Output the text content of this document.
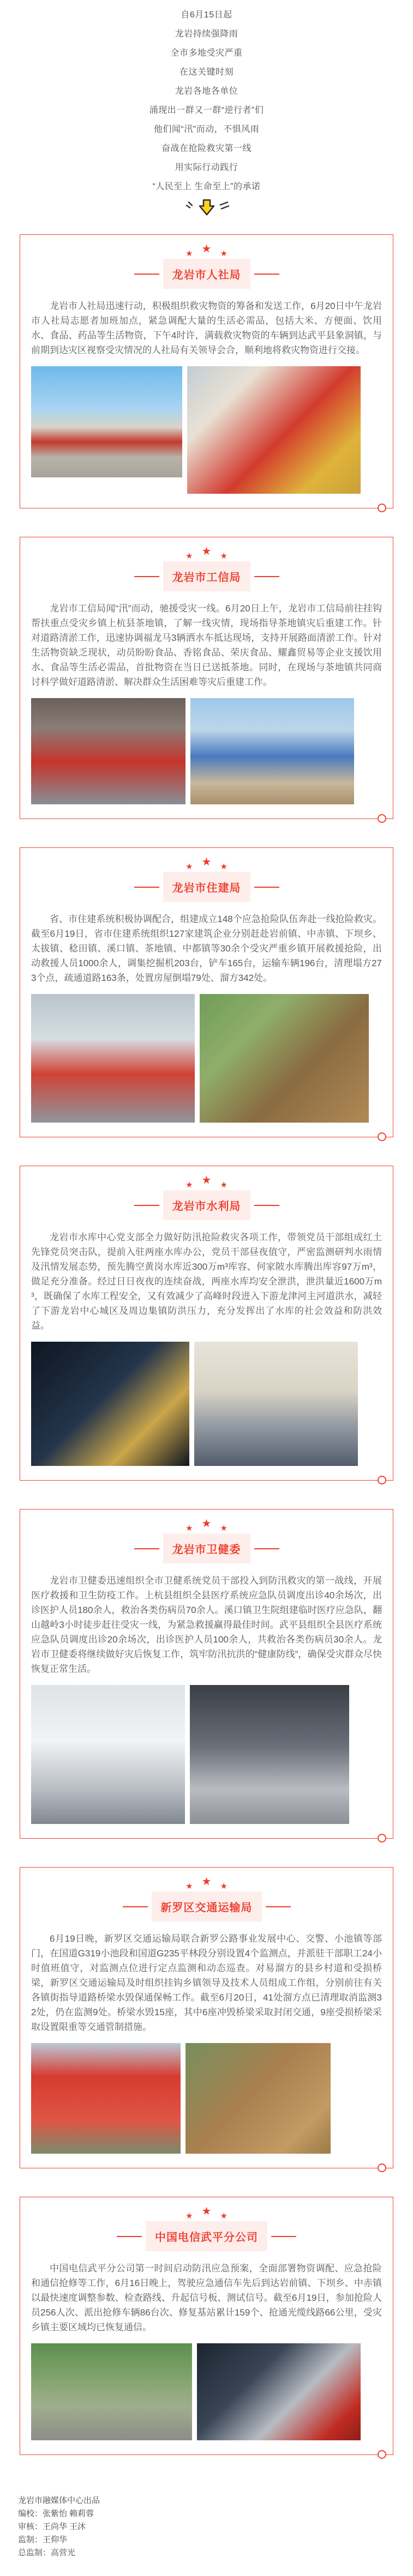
自6月15日起

龙岩持续强降雨

全市多地受灾严重

在这关键时刻

龙岩各地各单位

涌现出一群又一群“逆行者”们

他们闻“汛”而动，不惧风雨

奋战在抢险救灾第一线

用实际行动践行

“人民至上 生命至上”的承诺

★ ★ ★
龙岩市人社局

龙岩市人社局迅速行动，积极组织救灾物资的筹备和发送工作，6月20日中午龙岩市人社局志愿者加班加点，紧急调配大量的生活必需品，包括大米、方便面、饮用水、食品、药品等生活物资，下午4时许，满载救灾物资的车辆到达武平县象洞镇，与前期到达灾区视察受灾情况的人社局有关领导会合，顺利地将救灾物资进行交接。

★ ★ ★
龙岩市工信局

龙岩市工信局闻“汛”而动，驰援受灾一线。6月20日上午，龙岩市工信局前往挂钩帮扶重点受灾乡镇上杭县茶地镇，了解一线灾情，现场指导茶地镇灾后重建工作。针对道路清淤工作，迅速协调福龙马3辆洒水车抵达现场，支持开展路面清淤工作。针对生活物资缺乏现状，动员盼盼食品、香铭食品、荣庆食品、耀鑫贸易等企业支援饮用水、食品等生活必需品，首批物资在当日已送抵茶地。同时，在现场与茶地镇共同商讨科学做好道路清淤、解决群众生活困难等灾后重建工作。

★ ★ ★
龙岩市住建局

省、市住建系统积极协调配合，组建成立148个应急抢险队伍奔赴一线抢险救灾。截至6月19日，省市住建系统组织127家建筑企业分别赶赴岩前镇、中赤镇、下坝乡、太拔镇、稔田镇、溪口镇、茶地镇、中都镇等30余个受灾严重乡镇开展救援抢险，出动救援人员1000余人，调集挖掘机203台，铲车165台，运输车辆196台，清理塌方273个点，疏通道路163条，处置房屋倒塌79处、溜方342处。

★ ★ ★
龙岩市水利局

龙岩市水库中心党支部全力做好防汛抢险救灾各项工作，带领党员干部组成红土先锋党员突击队，提前入驻两座水库办公，党员干部昼夜值守，严密监测研判水雨情及汛情发展态势，预先腾空黄岗水库近300万m³库容、何家陂水库腾出库容97万m³，做足充分准备。经过日日夜夜的连续奋战，两座水库均安全泄洪，泄洪量近1600万m³，既确保了水库工程安全，又有效减少了高峰时段进入下游龙津河主河道洪水，减轻了下游龙岩中心城区及周边集镇防洪压力，充分发挥出了水库的社会效益和防洪效益。

★ ★ ★
龙岩市卫健委

龙岩市卫健委迅速组织全市卫健系统党员干部投入到防汛救灾的第一战线，开展医疗救援和卫生防疫工作。上杭县组织全县医疗系统应急队员调度出诊40余场次，出诊医护人员180余人，救治各类伤病员70余人。溪口镇卫生院组建临时医疗应急队，翻山越岭3小时徒步赶往受灾一线，为紧急救援赢得最佳时间。武平县组织全县医疗系统应急队员调度出诊20余场次，出诊医护人员100余人，共救治各类伤病员30余人。龙岩市卫健委将继续做好灾后恢复工作，筑牢防汛抗洪的“健康防线”，确保受灾群众尽快恢复正常生活。

★ ★ ★
新罗区交通运输局

6月19日晚，新罗区交通运输局联合新罗公路事业发展中心、交警、小池镇等部门，在国道G319小池段和国道G235平林段分别设置4个监测点，并派驻干部职工24小时值班值守，对监测点位进行定点监测和动态巡查。对易溜方的县乡村道和受损桥梁，新罗区交通运输局及时组织挂钩乡镇领导及技术人员组成工作组，分别前往有关各镇街指导道路桥梁水毁保通保畅工作。截至6月20日，41处溜方点已清理取消监测32处，仍在监测9处。桥梁水毁15座，其中6座冲毁桥梁采取封闭交通，9座受损桥梁采取设置限重等交通管制措施。

★ ★ ★
中国电信武平分公司

中国电信武平分公司第一时间启动防汛应急预案，全面部署物资调配、应急抢险和通信抢修等工作，6月16日晚上，驾驶应急通信车先后到达岩前镇、下坝乡、中赤镇以最快速度调整参数、检查路线、升起信号板、测试信号。截至6月19日，参加抢险人员256人次、派出抢修车辆86台次、修复基站累计159个、抢通光缆线路66公里，受灾乡镇主要区域均已恢复通信。

龙岩市融媒体中心出品

编校：张紫怡 赖莉蓉

审核：王尚华 王沐

监制：王仰华

总监制：高营光
